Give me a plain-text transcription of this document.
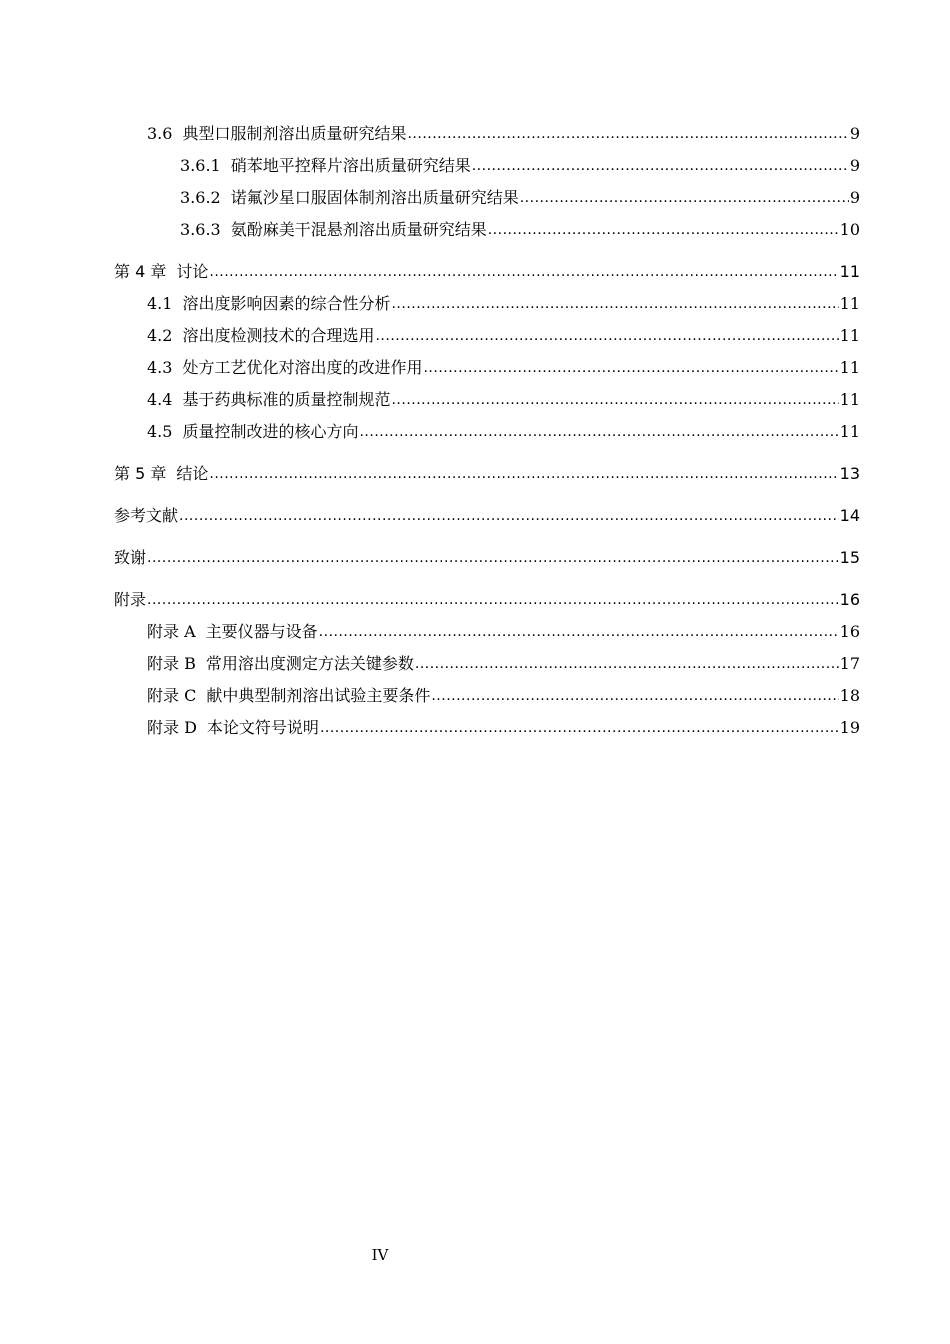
3.6 典型口服制剂溶出质量研究结果 .....	9
3.6.1 硝苯地平控释片溶出质量研究结果 .....	9
3.6.2 诺氟沙星口服固体制剂溶出质量研究结果 .....	9
3.6.3 氨酚麻美干混悬剂溶出质量研究结果 .....	10
第 4 章 讨论 .....	11
4.1 溶出度影响因素的综合性分析 .....	11
4.2 溶出度检测技术的合理选用 .....	11
4.3 处方工艺优化对溶出度的改进作用 .....	11
4.4 基于药典标准的质量控制规范 .....	11
4.5 质量控制改进的核心方向 .....	11
第 5 章 结论 .....	13
参考文献 .....	14
致谢 .....	15
附录 .....	16
附录 A 主要仪器与设备 .....	16
附录 B 常用溶出度测定方法关键参数 .....	17
附录 C 献中典型制剂溶出试验主要条件 .....	18
附录 D 本论文符号说明 .....	19
IV
